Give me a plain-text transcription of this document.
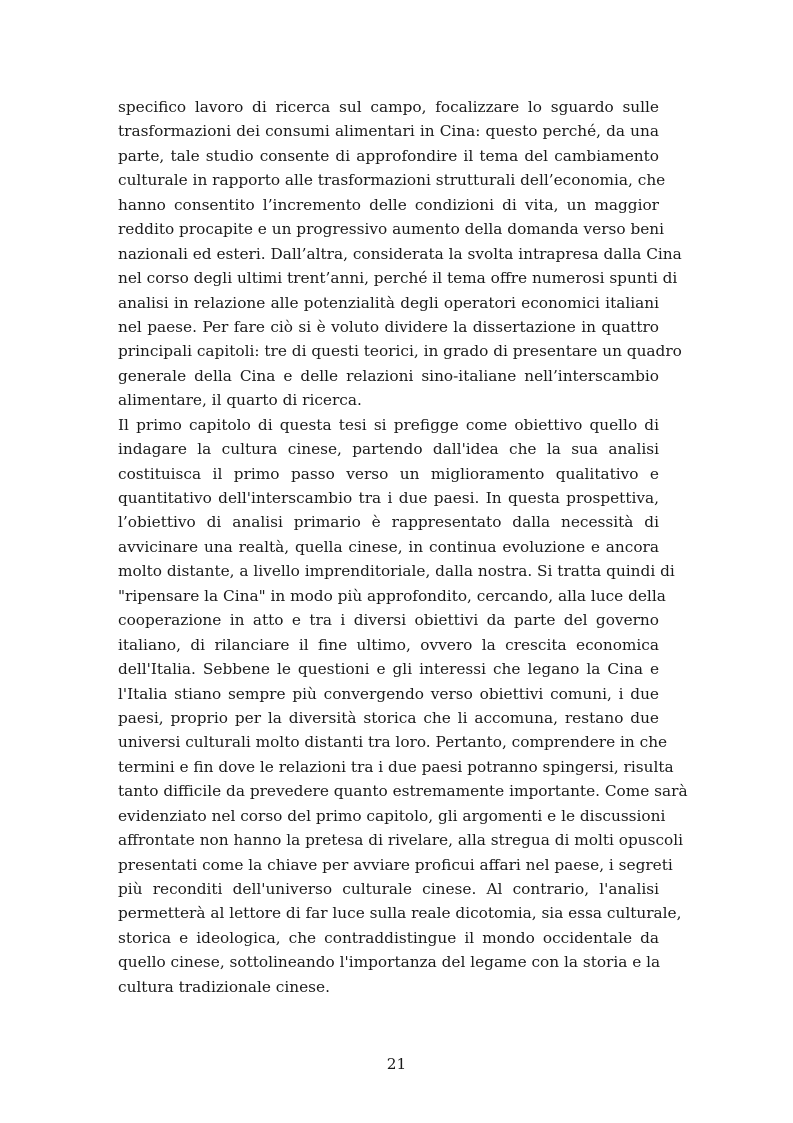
specifico lavoro di ricerca sul campo, focalizzare lo sguardo sulle
trasformazioni dei consumi alimentari in Cina: questo perché, da una
parte, tale studio consente di approfondire il tema del cambiamento
culturale in rapporto alle trasformazioni strutturali dell’economia, che
hanno consentito l’incremento delle condizioni di vita, un maggior
reddito procapite e un progressivo aumento della domanda verso beni
nazionali ed esteri. Dall’altra, considerata la svolta intrapresa dalla Cina
nel corso degli ultimi trent’anni, perché il tema offre numerosi spunti di
analisi in relazione alle potenzialità degli operatori economici italiani
nel paese. Per fare ciò si è voluto dividere la dissertazione in quattro
principali capitoli: tre di questi teorici, in grado di presentare un quadro
generale della Cina e delle relazioni sino-italiane nell’interscambio
alimentare, il quarto di ricerca.
Il primo capitolo di questa tesi si prefigge come obiettivo quello di
indagare la cultura cinese, partendo dall'idea che la sua analisi
costituisca il primo passo verso un miglioramento qualitativo e
quantitativo dell'interscambio tra i due paesi. In questa prospettiva,
l’obiettivo di analisi primario è rappresentato dalla necessità di
avvicinare una realtà, quella cinese, in continua evoluzione e ancora
molto distante, a livello imprenditoriale, dalla nostra. Si tratta quindi di
"ripensare la Cina" in modo più approfondito, cercando, alla luce della
cooperazione in atto e tra i diversi obiettivi da parte del governo
italiano, di rilanciare il fine ultimo, ovvero la crescita economica
dell'Italia. Sebbene le questioni e gli interessi che legano la Cina e
l'Italia stiano sempre più convergendo verso obiettivi comuni, i due
paesi, proprio per la diversità storica che li accomuna, restano due
universi culturali molto distanti tra loro. Pertanto, comprendere in che
termini e fin dove le relazioni tra i due paesi potranno spingersi, risulta
tanto difficile da prevedere quanto estremamente importante. Come sarà
evidenziato nel corso del primo capitolo, gli argomenti e le discussioni
affrontate non hanno la pretesa di rivelare, alla stregua di molti opuscoli
presentati come la chiave per avviare proficui affari nel paese, i segreti
più reconditi dell'universo culturale cinese. Al contrario, l'analisi
permetterà al lettore di far luce sulla reale dicotomia, sia essa culturale,
storica e ideologica, che contraddistingue il mondo occidentale da
quello cinese, sottolineando l'importanza del legame con la storia e la
cultura tradizionale cinese.
21
